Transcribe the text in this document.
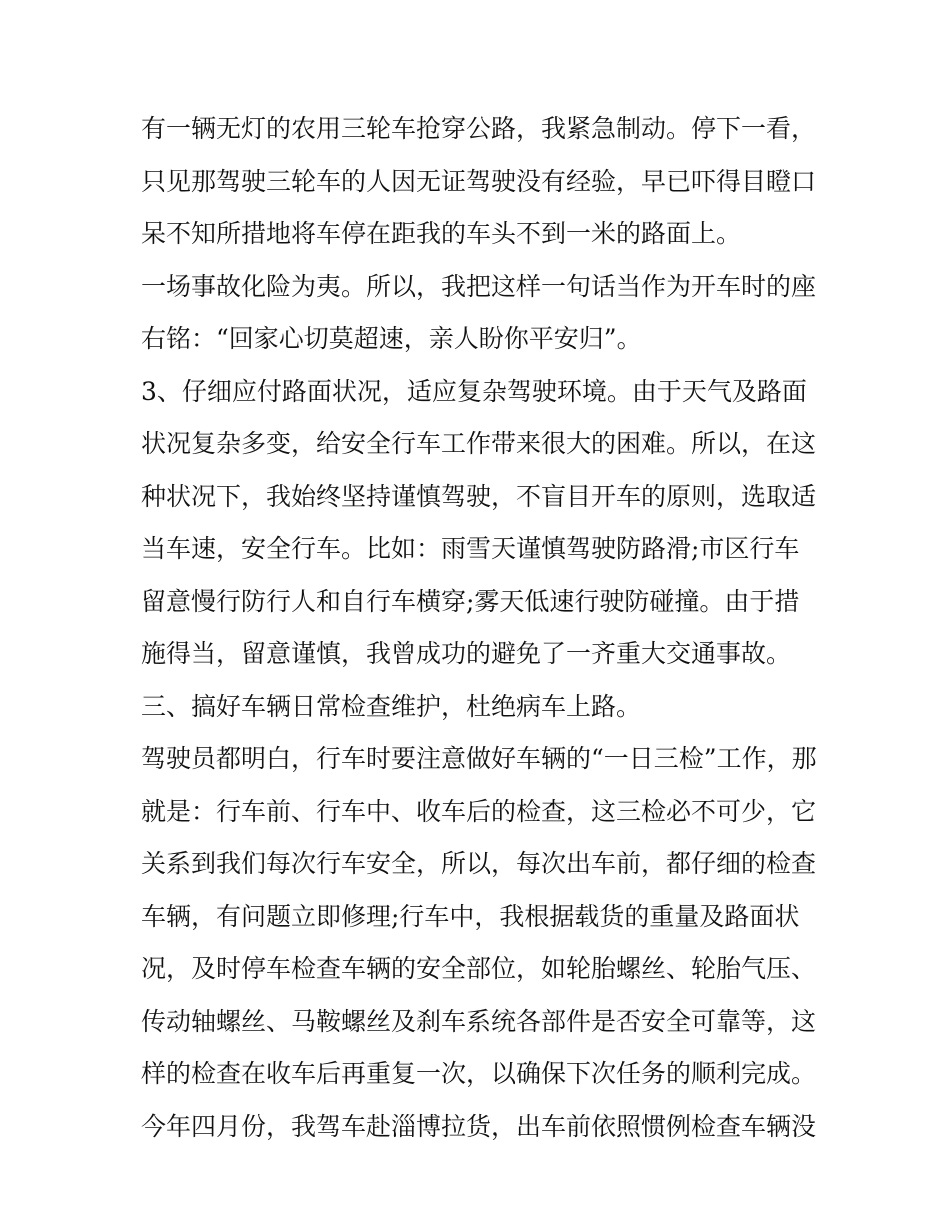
有一辆无灯的农用三轮车抢穿公路，我紧急制动。停下一看，
只见那驾驶三轮车的人因无证驾驶没有经验，早已吓得目瞪口
呆不知所措地将车停在距我的车头不到一米的路面上。
一场事故化险为夷。所以，我把这样一句话当作为开车时的座
右铭：“回家心切莫超速，亲人盼你平安归”。
3、仔细应付路面状况，适应复杂驾驶环境。由于天气及路面
状况复杂多变，给安全行车工作带来很大的困难。所以，在这
种状况下，我始终坚持谨慎驾驶，不盲目开车的原则，选取适
当车速，安全行车。比如：雨雪天谨慎驾驶防路滑;市区行车
留意慢行防行人和自行车横穿;雾天低速行驶防碰撞。由于措
施得当，留意谨慎，我曾成功的避免了一齐重大交通事故。
三、搞好车辆日常检查维护，杜绝病车上路。
驾驶员都明白，行车时要注意做好车辆的“一日三检”工作，那
就是：行车前、行车中、收车后的检查，这三检必不可少，它
关系到我们每次行车安全，所以，每次出车前，都仔细的检查
车辆，有问题立即修理;行车中，我根据载货的重量及路面状
况，及时停车检查车辆的安全部位，如轮胎螺丝、轮胎气压、
传动轴螺丝、马鞍螺丝及刹车系统各部件是否安全可靠等，这
样的检查在收车后再重复一次，以确保下次任务的顺利完成。
今年四月份，我驾车赴淄博拉货，出车前依照惯例检查车辆没
